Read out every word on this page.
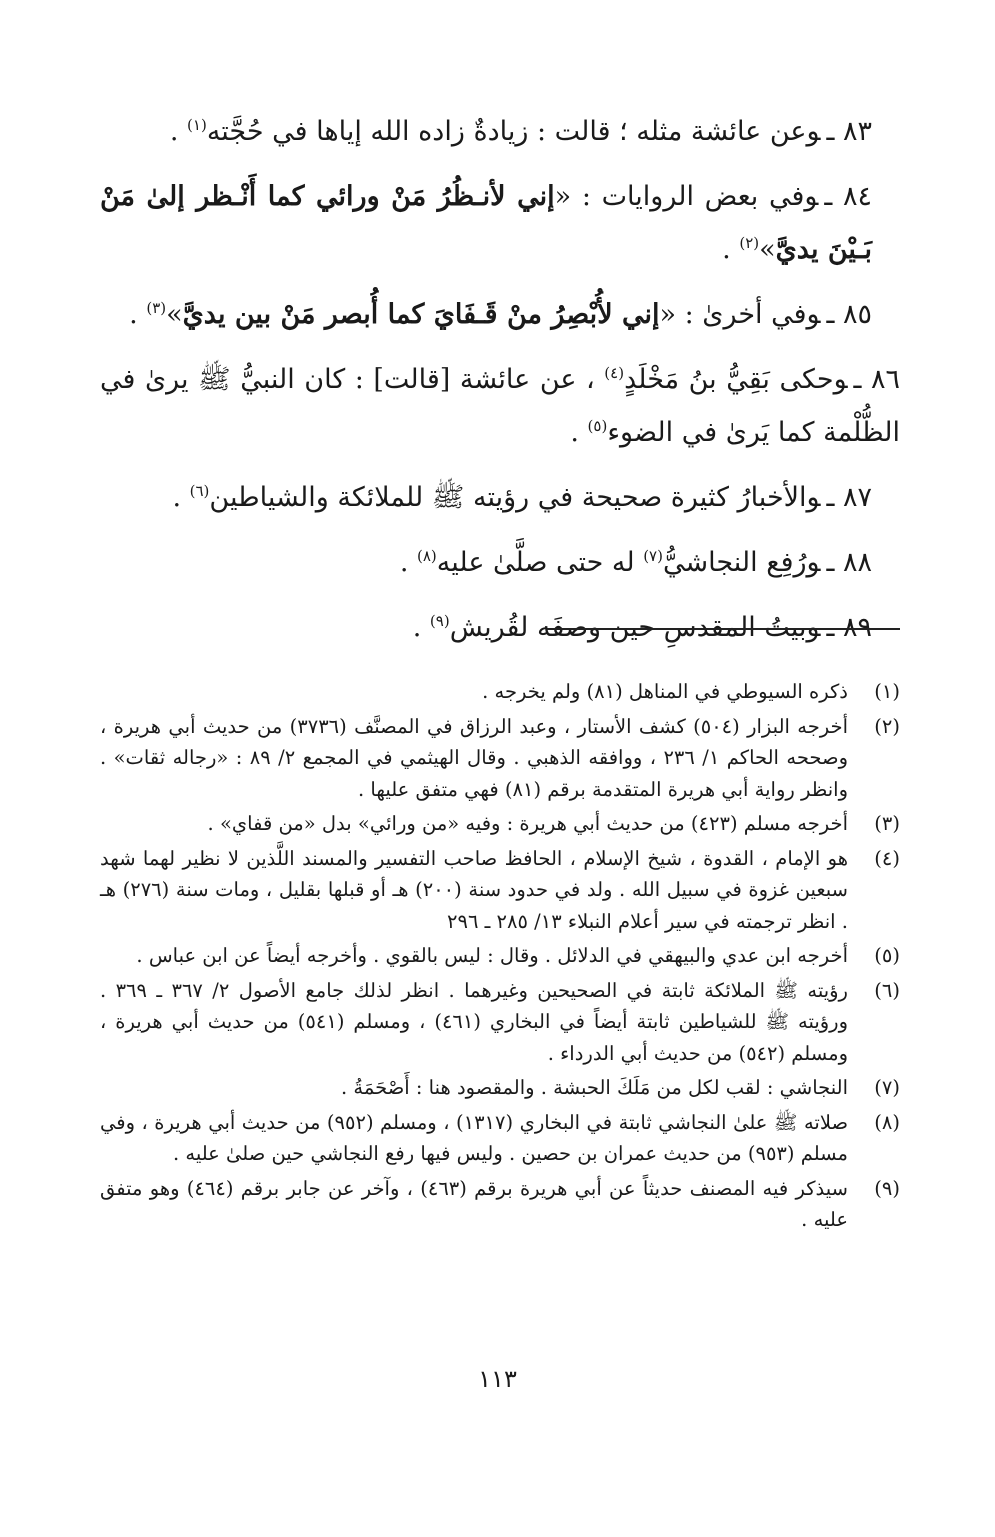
٨٣ ـوعن عائشة مثله ؛ قالت : زيادةٌ زاده الله إياها في حُجَّته$^{(١)}$ .

٨٤ ـوفي بعض الروايات : «إني لأنـظُرُ مَنْ ورائي كما أَنْـظر إلىٰ مَنْ بَـيْنَ يديَّ»$^{(٢)}$ .

٨٥ ـوفي أخرىٰ : «إني لأُبْصِرُ منْ قَـفَايَ كما أُبصر مَنْ بين يديَّ»$^{(٣)}$ .

٨٦ ـوحكى بَقِيُّ بنُ مَخْلَدٍ$^{(٤)}$ ، عن عائشة [قالت] : كان النبيُّ ﷺ يرىٰ في الظُّلْمة كما يَرىٰ في الضوء$^{(٥)}$ .

٨٧ ـوالأخبارُ كثيرة صحيحة في رؤيته ﷺ للملائكة والشياطين$^{(٦)}$ .

٨٨ ـورُفِع النجاشيُّ$^{(٧)}$ له حتى صلَّىٰ عليه$^{(٨)}$ .

٨٩ ـوبيتُ المقدسِ حين وصفَه لقُريش$^{(٩)}$ .

(١)
ذكره السيوطي في المناهل (٨١) ولم يخرجه .
(٢)
أخرجه البزار (٥٠٤) كشف الأستار ، وعبد الرزاق في المصنَّف (٣٧٣٦) من حديث أبي هريرة ، وصححه الحاكم ١/ ٢٣٦ ، ووافقه الذهبي . وقال الهيثمي في المجمع ٢/ ٨٩ : «رجاله ثقات» . وانظر رواية أبي هريرة المتقدمة برقم (٨١) فهي متفق عليها .
(٣)
أخرجه مسلم (٤٢٣) من حديث أبي هريرة : وفيه «من ورائي» بدل «من قفاي» .
(٤)
هو الإمام ، القدوة ، شيخ الإسلام ، الحافظ صاحب التفسير والمسند اللَّذين لا نظير لهما شهد سبعين غزوة في سبيل الله . ولد في حدود سنة (٢٠٠) هـ أو قبلها بقليل ، ومات سنة (٢٧٦) هـ . انظر ترجمته في سير أعلام النبلاء ١٣/ ٢٨٥ ـ ٢٩٦
(٥)
أخرجه ابن عدي والبيهقي في الدلائل . وقال : ليس بالقوي . وأخرجه أيضاً عن ابن عباس .
(٦)
رؤيته ﷺ الملائكة ثابتة في الصحيحين وغيرهما . انظر لذلك جامع الأصول ٢/ ٣٦٧ ـ ٣٦٩ . ورؤيته ﷺ للشياطين ثابتة أيضاً في البخاري (٤٦١) ، ومسلم (٥٤١) من حديث أبي هريرة ، ومسلم (٥٤٢) من حديث أبي الدرداء .
(٧)
النجاشي : لقب لكل من مَلَكَ الحبشة . والمقصود هنا : أَصْحَمَةُ .
(٨)
صلاته ﷺ علىٰ النجاشي ثابتة في البخاري (١٣١٧) ، ومسلم (٩٥٢) من حديث أبي هريرة ، وفي مسلم (٩٥٣) من حديث عمران بن حصين . وليس فيها رفع النجاشي حين صلىٰ عليه .
(٩)
سيذكر فيه المصنف حديثاً عن أبي هريرة برقم (٤٦٣) ، وآخر عن جابر برقم (٤٦٤) وهو متفق عليه .
١١٣
